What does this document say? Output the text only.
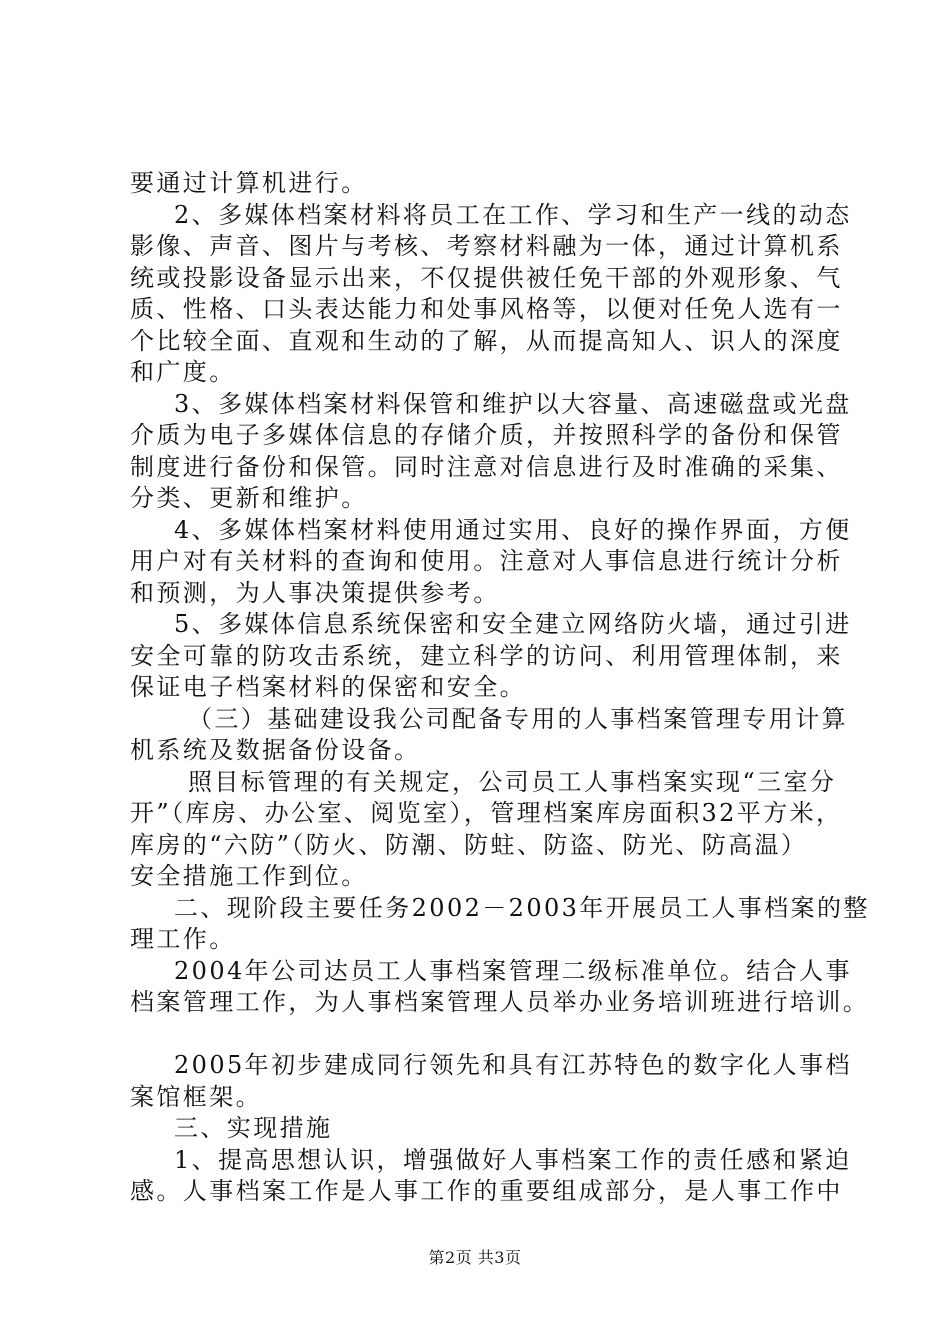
要通过计算机进行。
2、多媒体档案材料将员工在工作、学习和生产一线的动态
影像、声音、图片与考核、考察材料融为一体，通过计算机系
统或投影设备显示出来，不仅提供被任免干部的外观形象、气
质、性格、口头表达能力和处事风格等，以便对任免人选有一
个比较全面、直观和生动的了解，从而提高知人、识人的深度
和广度。
3、多媒体档案材料保管和维护以大容量、高速磁盘或光盘
介质为电子多媒体信息的存储介质，并按照科学的备份和保管
制度进行备份和保管。同时注意对信息进行及时准确的采集、
分类、更新和维护。
4、多媒体档案材料使用通过实用、良好的操作界面，方便
用户对有关材料的查询和使用。注意对人事信息进行统计分析
和预测，为人事决策提供参考。
5、多媒体信息系统保密和安全建立网络防火墙，通过引进
安全可靠的防攻击系统，建立科学的访问、利用管理体制，来
保证电子档案材料的保密和安全。
（三）基础建设我公司配备专用的人事档案管理专用计算
机系统及数据备份设备。
照目标管理的有关规定，公司员工人事档案实现“三室分
开”（库房、办公室、阅览室），管理档案库房面积32平方米，
库房的“六防”（防火、防潮、防蛀、防盗、防光、防高温）
安全措施工作到位。
二、现阶段主要任务2002－2003年开展员工人事档案的整
理工作。
2004年公司达员工人事档案管理二级标准单位。结合人事
档案管理工作，为人事档案管理人员举办业务培训班进行培训。
2005年初步建成同行领先和具有江苏特色的数字化人事档
案馆框架。
三、实现措施
1、提高思想认识，增强做好人事档案工作的责任感和紧迫
感。人事档案工作是人事工作的重要组成部分，是人事工作中
第2页 共3页
